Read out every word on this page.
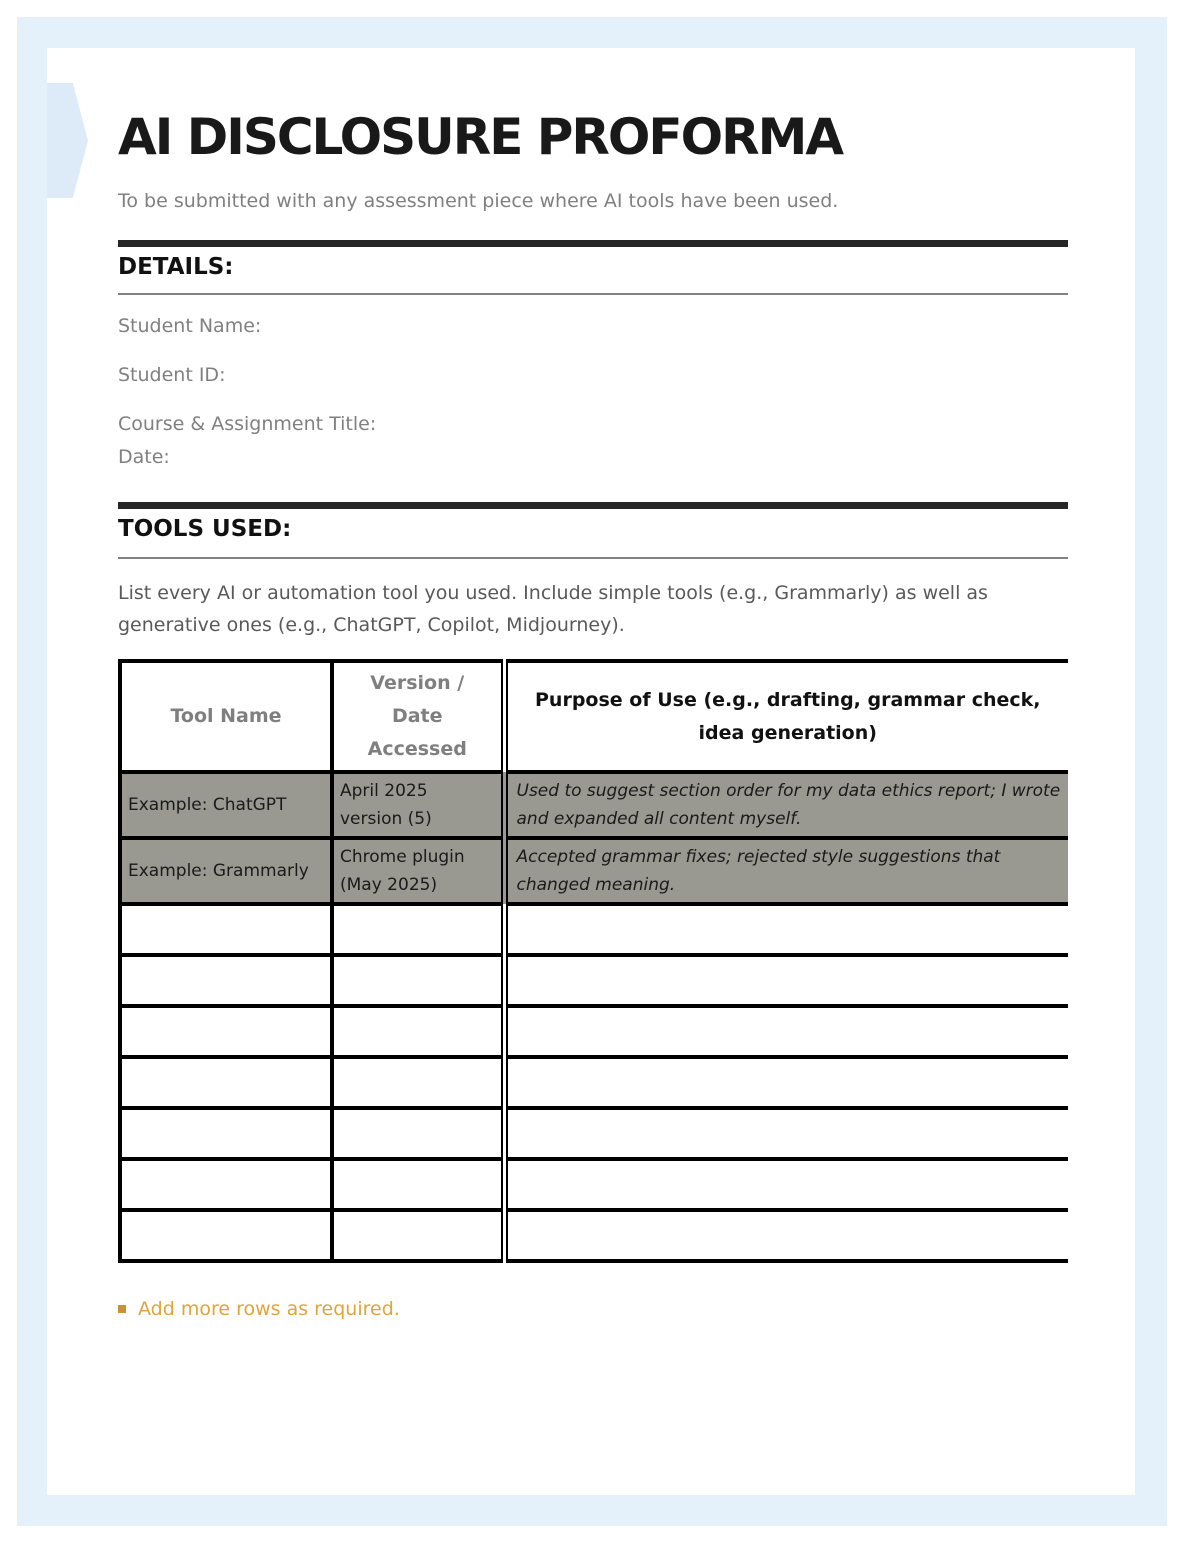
AI DISCLOSURE PROFORMA

To be submitted with any assessment piece where AI tools have been used.

DETAILS:
Student Name:
Student ID:
Course & Assignment Title:
Date:
TOOLS USED:

List every AI or automation tool you used. Include simple tools (e.g., Grammarly) as well as generative ones (e.g., ChatGPT, Copilot, Midjourney).

Tool Name	Version / Date Accessed	Purpose of Use (e.g., drafting, grammar check, idea generation)
Example: ChatGPT	April 2025 version (5)	Used to suggest section order for my data ethics report; I wrote and expanded all content myself.
Example: Grammarly	Chrome plugin (May 2025)	Accepted grammar fixes; rejected style suggestions that changed meaning.

Add more rows as required.
